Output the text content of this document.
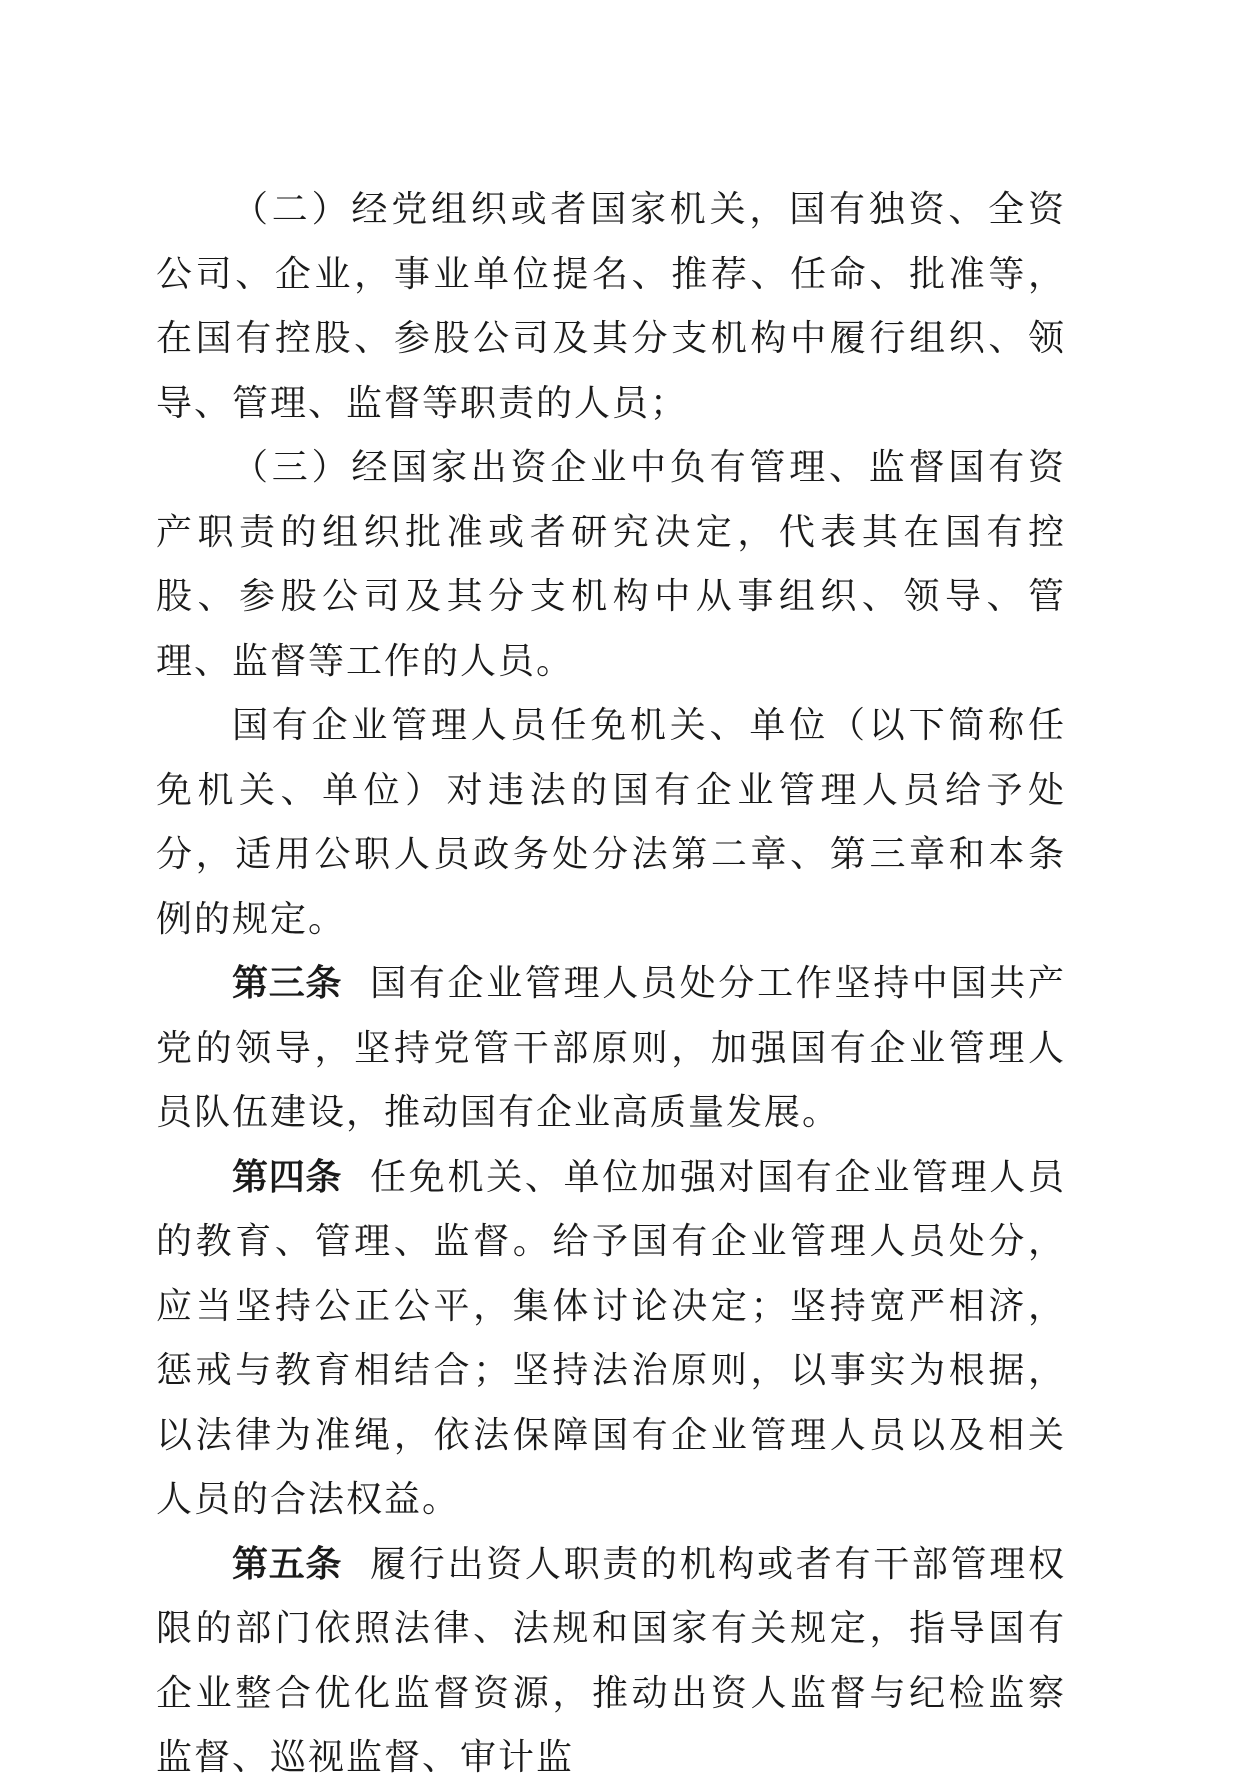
（二）经党组织或者国家机关，国有独资、全资公司、企业，事业单位提名、推荐、任命、批准等，在国有控股、参股公司及其分支机构中履行组织、领导、管理、监督等职责的人员；

（三）经国家出资企业中负有管理、监督国有资产职责的组织批准或者研究决定，代表其在国有控股、参股公司及其分支机构中从事组织、领导、管理、监督等工作的人员。

国有企业管理人员任免机关、单位（以下简称任免机关、单位）对违法的国有企业管理人员给予处分，适用公职人员政务处分法第二章、第三章和本条例的规定。

第三条 国有企业管理人员处分工作坚持中国共产党的领导，坚持党管干部原则，加强国有企业管理人员队伍建设，推动国有企业高质量发展。

第四条 任免机关、单位加强对国有企业管理人员的教育、管理、监督。给予国有企业管理人员处分，应当坚持公正公平，集体讨论决定；坚持宽严相济，惩戒与教育相结合；坚持法治原则，以事实为根据，以法律为准绳，依法保障国有企业管理人员以及相关人员的合法权益。

第五条 履行出资人职责的机构或者有干部管理权限的部门依照法律、法规和国家有关规定，指导国有企业整合优化监督资源，推动出资人监督与纪检监察监督、巡视监督、审计监
